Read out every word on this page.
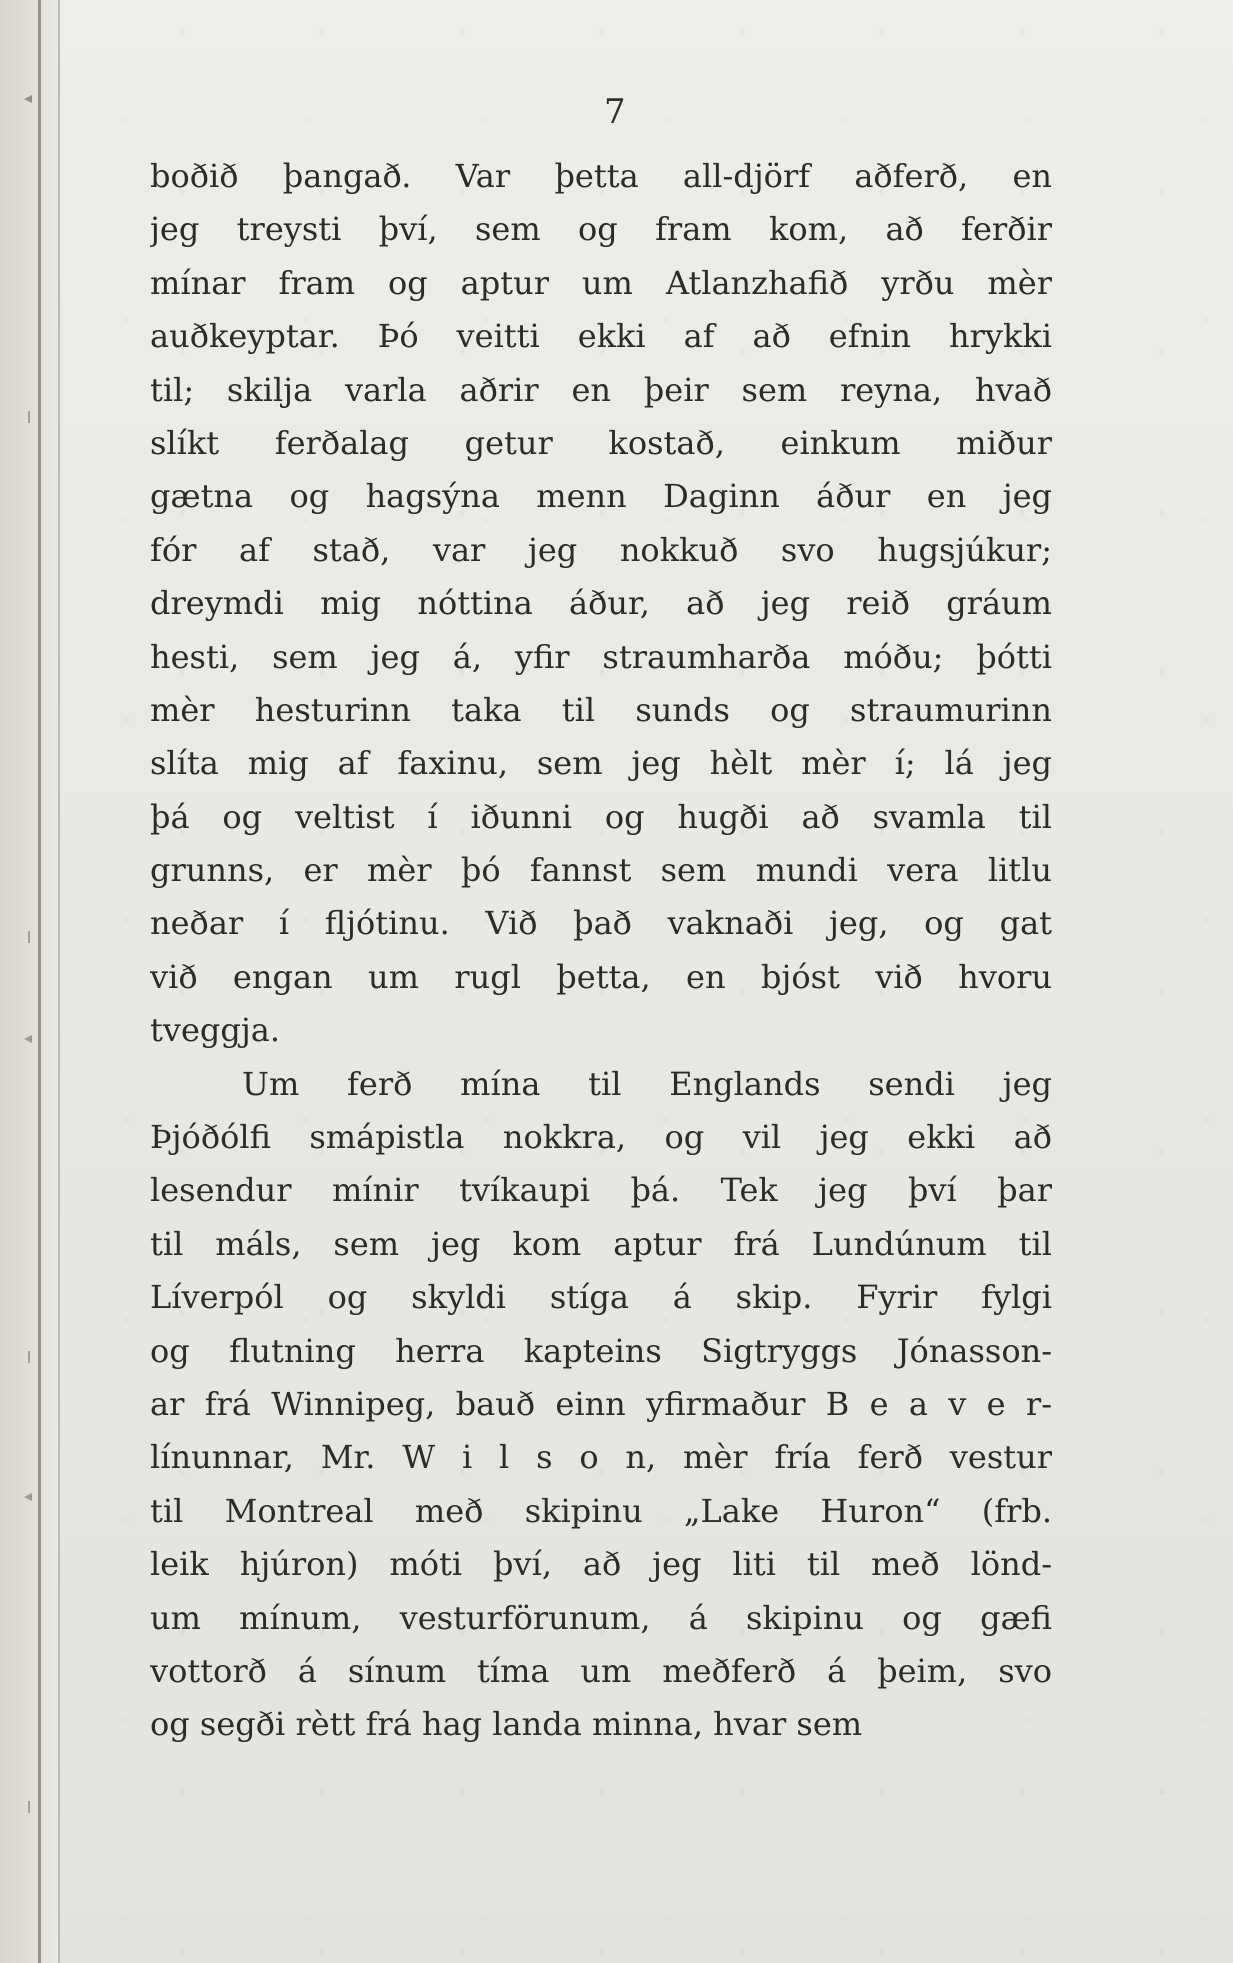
7
boðið þangað. Var þetta all-djörf aðferð, en
jeg treysti því, sem og fram kom, að ferðir
mínar fram og aptur um Atlanzhafið yrðu mèr
auðkeyptar. Þó veitti ekki af að efnin hrykki
til; skilja varla aðrir en þeir sem reyna, hvað
slíkt ferðalag getur kostað, einkum miður
gætna og hagsýna menn Daginn áður en jeg
fór af stað, var jeg nokkuð svo hugsjúkur;
dreymdi mig nóttina áður, að jeg reið gráum
hesti, sem jeg á, yfir straumharða móðu; þótti
mèr hesturinn taka til sunds og straumurinn
slíta mig af faxinu, sem jeg hèlt mèr í; lá jeg
þá og veltist í iðunni og hugði að svamla til
grunns, er mèr þó fannst sem mundi vera litlu
neðar í fljótinu. Við það vaknaði jeg, og gat
við engan um rugl þetta, en bjóst við hvoru
tveggja.
Um ferð mína til Englands sendi jeg
Þjóðólfi smápistla nokkra, og vil jeg ekki að
lesendur mínir tvíkaupi þá. Tek jeg því þar
til máls, sem jeg kom aptur frá Lundúnum til
Líverpól og skyldi stíga á skip. Fyrir fylgi
og flutning herra kapteins Sigtryggs Jónasson-
ar frá Winnipeg, bauð einn yfirmaður B e a v e r-
línunnar, Mr. W i l s o n, mèr fría ferð vestur
til Montreal með skipinu „Lake Huron“ (frb.
leik hjúron) móti því, að jeg liti til með lönd-
um mínum, vesturförunum, á skipinu og gæfi
vottorð á sínum tíma um meðferð á þeim, svo
og segði rètt frá hag landa minna, hvar sem
